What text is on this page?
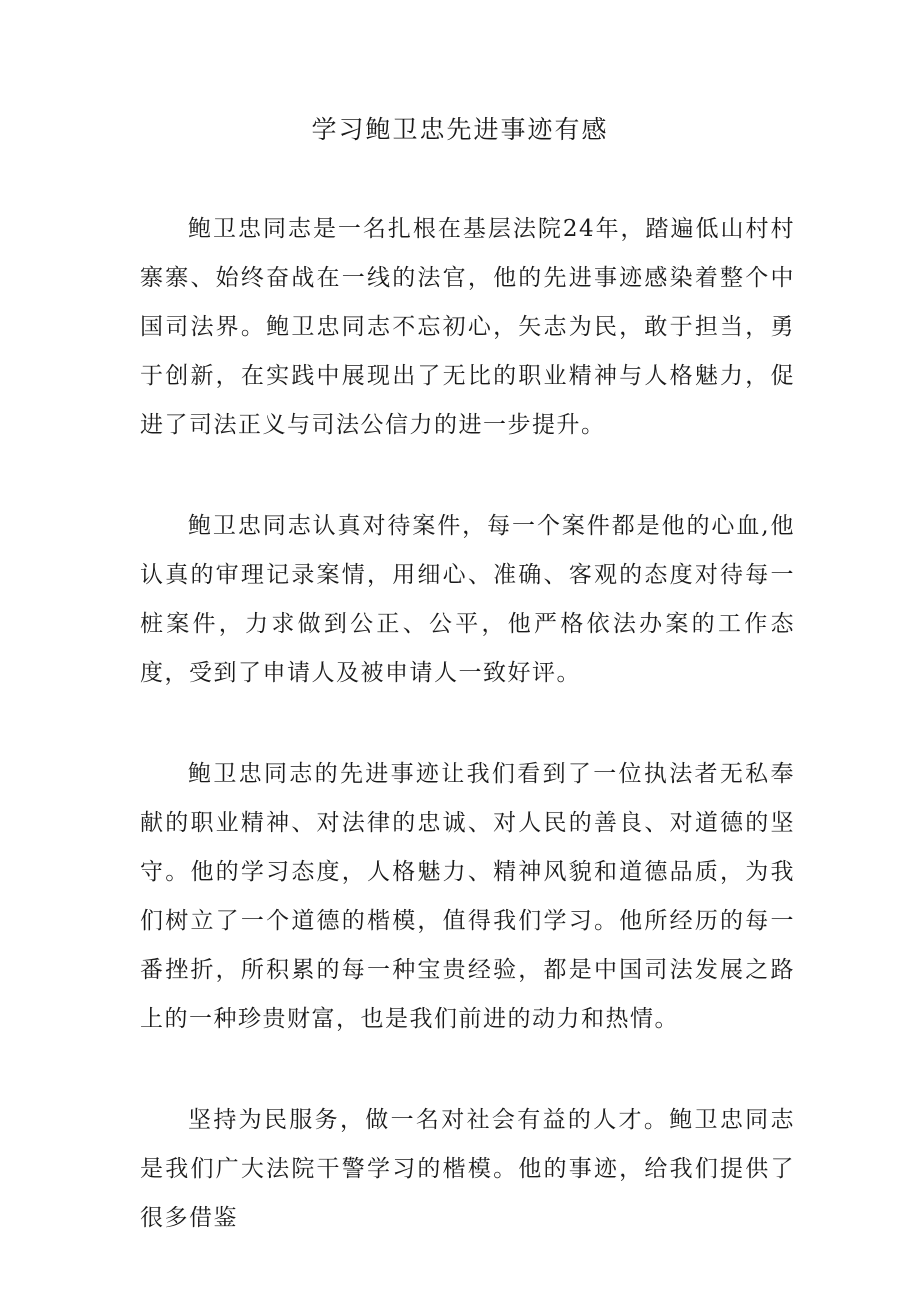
学习鲍卫忠先进事迹有感

鲍卫忠同志是一名扎根在基层法院24年，踏遍低山村村寨寨、始终奋战在一线的法官，他的先进事迹感染着整个中国司法界。鲍卫忠同志不忘初心，矢志为民，敢于担当，勇于创新，在实践中展现出了无比的职业精神与人格魅力，促进了司法正义与司法公信力的进一步提升。

鲍卫忠同志认真对待案件，每一个案件都是他的心血,他认真的审理记录案情，用细心、准确、客观的态度对待每一桩案件，力求做到公正、公平，他严格依法办案的工作态度，受到了申请人及被申请人一致好评。

鲍卫忠同志的先进事迹让我们看到了一位执法者无私奉献的职业精神、对法律的忠诚、对人民的善良、对道德的坚守。他的学习态度，人格魅力、精神风貌和道德品质，为我们树立了一个道德的楷模，值得我们学习。他所经历的每一番挫折，所积累的每一种宝贵经验，都是中国司法发展之路上的一种珍贵财富，也是我们前进的动力和热情。

坚持为民服务，做一名对社会有益的人才。鲍卫忠同志是我们广大法院干警学习的楷模。他的事迹，给我们提供了很多借鉴
